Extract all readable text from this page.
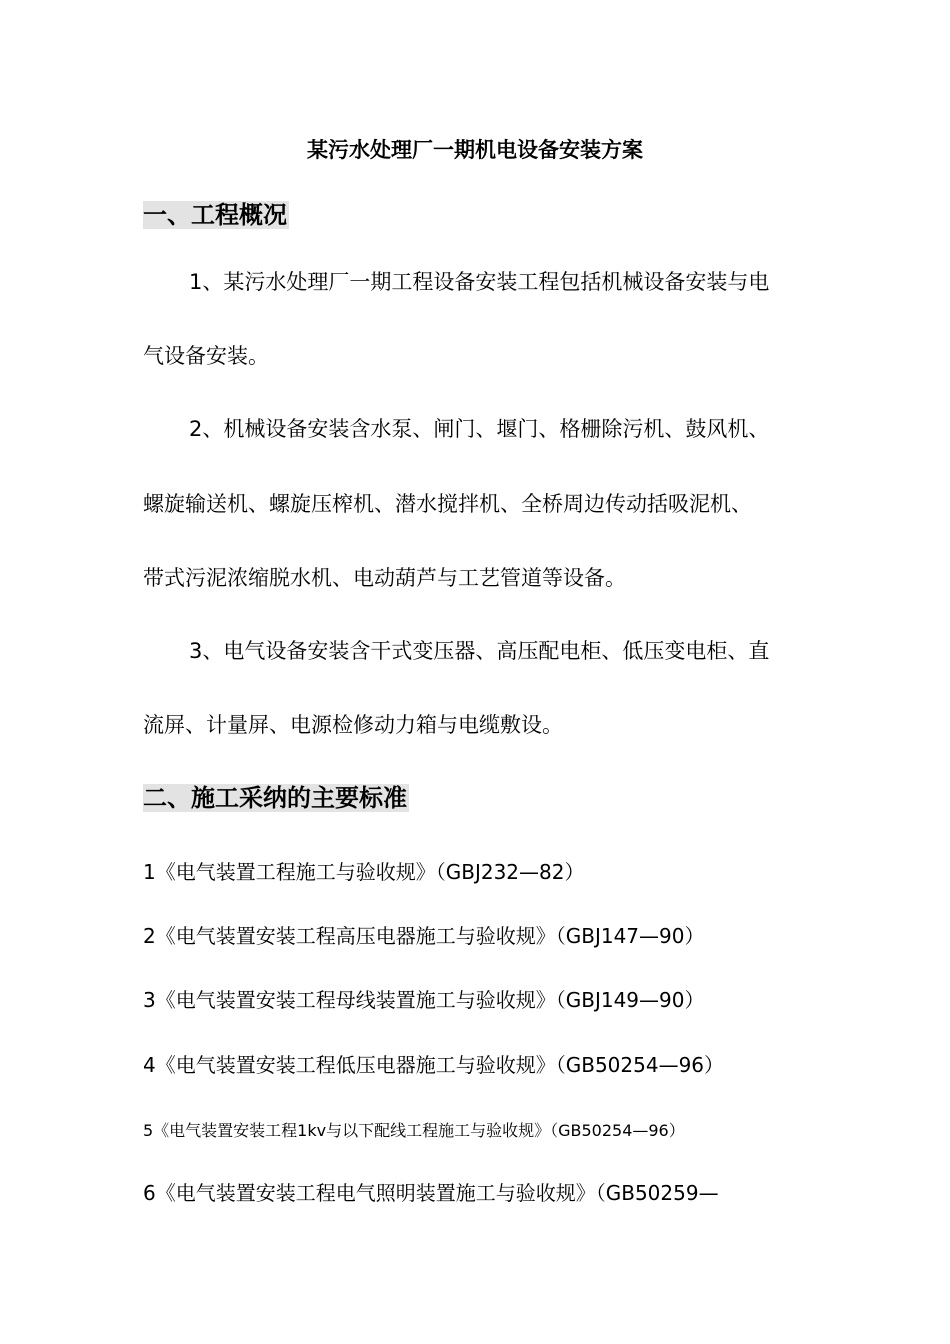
某污水处理厂一期机电设备安装方案
一、工程概况
1、某污水处理厂一期工程设备安装工程包括机械设备安装与电
气设备安装。
2、机械设备安装含水泵、闸门、堰门、格栅除污机、鼓风机、
螺旋输送机、螺旋压榨机、潜水搅拌机、全桥周边传动括吸泥机、
带式污泥浓缩脱水机、电动葫芦与工艺管道等设备。
3、电气设备安装含干式变压器、高压配电柜、低压变电柜、直
流屏、计量屏、电源检修动力箱与电缆敷设。
二、施工采纳的主要标准
1《电气装置工程施工与验收规》（GBJ232—82）
2《电气装置安装工程高压电器施工与验收规》（GBJ147—90）
3《电气装置安装工程母线装置施工与验收规》（GBJ149—90）
4《电气装置安装工程低压电器施工与验收规》（GB50254—96）
5《电气装置安装工程1kv与以下配线工程施工与验收规》（GB50254—96）
6《电气装置安装工程电气照明装置施工与验收规》（GB50259—
